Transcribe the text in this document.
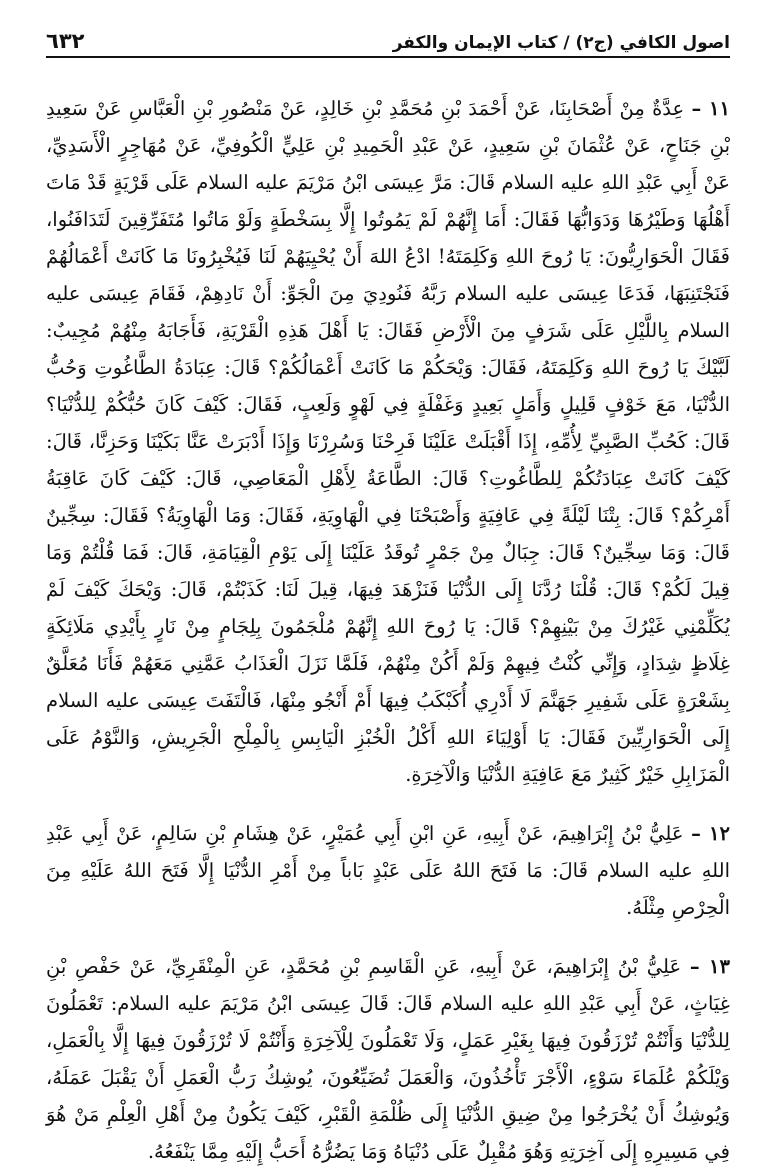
اصول الكافي (ج٢) / كتاب الإيمان والكفر
٦٣٢

١١ – عِدَّةٌ مِنْ أَصْحَابِنَا، عَنْ أَحْمَدَ بْنِ مُحَمَّدِ بْنِ خَالِدٍ، عَنْ مَنْصُورِ بْنِ الْعَبَّاسِ عَنْ سَعِيدِ بْنِ جَنَاحٍ، عَنْ عُثْمَانَ بْنِ سَعِيدٍ، عَنْ عَبْدِ الْحَمِيدِ بْنِ عَلِيٍّ الْكُوفِيِّ، عَنْ مُهَاجِرٍ الْأَسَدِيِّ، عَنْ أَبِي عَبْدِ اللهِ عليه السلام قَالَ: مَرَّ عِيسَى ابْنُ مَرْيَمَ عليه السلام عَلَى قَرْيَةٍ قَدْ مَاتَ أَهْلُهَا وَطَيْرُهَا وَدَوَابُّهَا فَقَالَ: أَمَا إِنَّهُمْ لَمْ يَمُوتُوا إِلَّا بِسَخْطَةٍ وَلَوْ مَاتُوا مُتَفَرِّقِينَ لَتَدَافَنُوا، فَقَالَ الْحَوَارِيُّونَ: يَا رُوحَ اللهِ وَكَلِمَتَهُ! ادْعُ اللهَ أَنْ يُحْيِيَهُمْ لَنَا فَيُخْبِرُونَا مَا كَانَتْ أَعْمَالُهُمْ فَنَجْتَنِبَهَا، فَدَعَا عِيسَى عليه السلام رَبَّهُ فَنُودِيَ مِنَ الْجَوِّ: أَنْ نَادِهِمْ، فَقَامَ عِيسَى عليه السلام بِاللَّيْلِ عَلَى شَرَفٍ مِنَ الْأَرْضِ فَقَالَ: يَا أَهْلَ هَذِهِ الْقَرْيَةِ، فَأَجَابَهُ مِنْهُمْ مُجِيبٌ: لَبَّيْكَ يَا رُوحَ اللهِ وَكَلِمَتَهُ، فَقَالَ: وَيْحَكُمْ مَا كَانَتْ أَعْمَالُكُمْ؟ قَالَ: عِبَادَةُ الطَّاغُوتِ وَحُبُّ الدُّنْيَا، مَعَ خَوْفٍ قَلِيلٍ وَأَمَلٍ بَعِيدٍ وَغَفْلَةٍ فِي لَهْوٍ وَلَعِبٍ، فَقَالَ: كَيْفَ كَانَ حُبُّكُمْ لِلدُّنْيَا؟ قَالَ: كَحُبِّ الصَّبِيِّ لِأُمِّهِ، إِذَا أَقْبَلَتْ عَلَيْنَا فَرِحْنَا وَسُرِرْنَا وَإِذَا أَدْبَرَتْ عَنَّا بَكَيْنَا وَحَزِنَّا، قَالَ: كَيْفَ كَانَتْ عِبَادَتُكُمْ لِلطَّاغُوتِ؟ قَالَ: الطَّاعَةُ لِأَهْلِ الْمَعَاصِي، قَالَ: كَيْفَ كَانَ عَاقِبَةُ أَمْرِكُمْ؟ قَالَ: بِتْنَا لَيْلَةً فِي عَافِيَةٍ وَأَصْبَحْنَا فِي الْهَاوِيَةِ، فَقَالَ: وَمَا الْهَاوِيَةُ؟ فَقَالَ: سِجِّينٌ قَالَ: وَمَا سِجِّينٌ؟ قَالَ: جِبَالٌ مِنْ جَمْرٍ تُوقَدُ عَلَيْنَا إِلَى يَوْمِ الْقِيَامَةِ، قَالَ: فَمَا قُلْتُمْ وَمَا قِيلَ لَكُمْ؟ قَالَ: قُلْنَا رُدَّنَا إِلَى الدُّنْيَا فَنَزْهَدَ فِيهَا، قِيلَ لَنَا: كَذَبْتُمْ، قَالَ: وَيْحَكَ كَيْفَ لَمْ يُكَلِّمْنِي غَيْرُكَ مِنْ بَيْنِهِمْ؟ قَالَ: يَا رُوحَ اللهِ إِنَّهُمْ مُلْجَمُونَ بِلِجَامٍ مِنْ نَارٍ بِأَيْدِي مَلَائِكَةٍ غِلَاظٍ شِدَادٍ، وَإِنِّي كُنْتُ فِيهِمْ وَلَمْ أَكُنْ مِنْهُمْ، فَلَمَّا نَزَلَ الْعَذَابُ عَمَّنِي مَعَهُمْ فَأَنَا مُعَلَّقٌ بِشَعْرَةٍ عَلَى شَفِيرِ جَهَنَّمَ لَا أَدْرِي أُكَبْكَبُ فِيهَا أَمْ أَنْجُو مِنْهَا، فَالْتَفَتَ عِيسَى عليه السلام إِلَى الْحَوَارِيِّينَ فَقَالَ: يَا أَوْلِيَاءَ اللهِ أَكْلُ الْخُبْزِ الْيَابِسِ بِالْمِلْحِ الْجَرِيشِ، وَالنَّوْمُ عَلَى الْمَزَابِلِ خَيْرٌ كَثِيرٌ مَعَ عَافِيَةِ الدُّنْيَا وَالْآخِرَةِ.

١٢ – عَلِيُّ بْنُ إِبْرَاهِيمَ، عَنْ أَبِيهِ، عَنِ ابْنِ أَبِي عُمَيْرٍ، عَنْ هِشَامِ بْنِ سَالِمٍ، عَنْ أَبِي عَبْدِ اللهِ عليه السلام قَالَ: مَا فَتَحَ اللهُ عَلَى عَبْدٍ بَاباً مِنْ أَمْرِ الدُّنْيَا إِلَّا فَتَحَ اللهُ عَلَيْهِ مِنَ الْحِرْصِ مِثْلَهُ.

١٣ – عَلِيُّ بْنُ إِبْرَاهِيمَ، عَنْ أَبِيهِ، عَنِ الْقَاسِمِ بْنِ مُحَمَّدٍ، عَنِ الْمِنْقَرِيِّ، عَنْ حَفْصِ بْنِ غِيَاثٍ، عَنْ أَبِي عَبْدِ اللهِ عليه السلام قَالَ: قَالَ عِيسَى ابْنُ مَرْيَمَ عليه السلام: تَعْمَلُونَ لِلدُّنْيَا وَأَنْتُمْ تُرْزَقُونَ فِيهَا بِغَيْرِ عَمَلٍ، وَلَا تَعْمَلُونَ لِلْآخِرَةِ وَأَنْتُمْ لَا تُرْزَقُونَ فِيهَا إِلَّا بِالْعَمَلِ، وَيْلَكُمْ عُلَمَاءَ سَوْءٍ، الْأَجْرَ تَأْخُذُونَ، وَالْعَمَلَ تُضَيِّعُونَ، يُوشِكُ رَبُّ الْعَمَلِ أَنْ يَقْبَلَ عَمَلَهُ، وَيُوشِكُ أَنْ يُخْرَجُوا مِنْ ضِيقِ الدُّنْيَا إِلَى ظُلْمَةِ الْقَبْرِ، كَيْفَ يَكُونُ مِنْ أَهْلِ الْعِلْمِ مَنْ هُوَ فِي مَسِيرِهِ إِلَى آخِرَتِهِ وَهُوَ مُقْبِلٌ عَلَى دُنْيَاهُ وَمَا يَضُرُّهُ أَحَبُّ إِلَيْهِ مِمَّا يَنْفَعُهُ.
